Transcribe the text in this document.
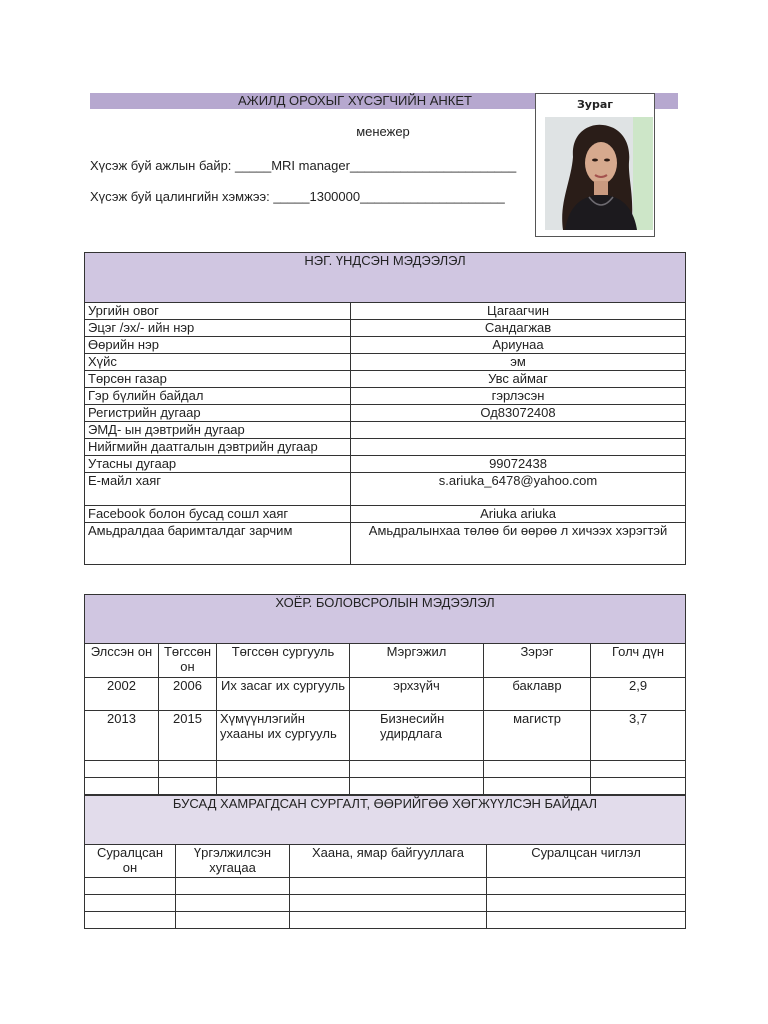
АЖИЛД ОРОХЫГ ХҮСЭГЧИЙН АНКЕТ	Зураг
менежер
Хүсэж буй ажлын байр: _____MRI manager_______________________
Хүсэж буй цалингийн хэмжээ: _____1300000____________________
НЭГ. ҮНДСЭН МЭДЭЭЛЭЛ	
Ургийн овог	Цагаагчин
Эцэг /эх/- ийн нэр	Сандагжав
Өөрийн нэр	Ариунаа
Хүйс	эм
Төрсөн газар	Увс аймаг
Гэр бүлийн байдал	гэрлэсэн
Регистрийн дугаар	Од83072408
ЭМД- ын дэвтрийн дугаар	
Нийгмийн даатгалын дэвтрийн дугаар	
Утасны дугаар	99072438
Е-майл хаяг	s.ariuka_6478@yahoo.com
Facebook болон бусад сошл хаяг	Ariuka ariuka
Амьдралдаа баримталдаг зарчим	Амьдралынхаа төлөө би өөрөө л хичээх хэрэгтэй
ХОЁР. БОЛОВСРОЛЫН МЭДЭЭЛЭЛ					
Элссэн он	Төгссөн он	Төгссөн сургууль	Мэргэжил	Зэрэг	Голч дүн
2002	2006	Их засаг их сургууль	эрхзүйч	баклавр	2,9
2013	2015	Хүмүүнлэгийн ухааны их сургууль	Бизнесийн удирдлага	магистр	3,7

БУСАД ХАМРАГДСАН СУРГАЛТ, ӨӨРИЙГӨӨ ХӨГЖҮҮЛСЭН БАЙДАЛ			
Суралцсан он	Үргэлжилсэн хугацаа	Хаана, ямар байгууллага	Суралцсан чиглэл
